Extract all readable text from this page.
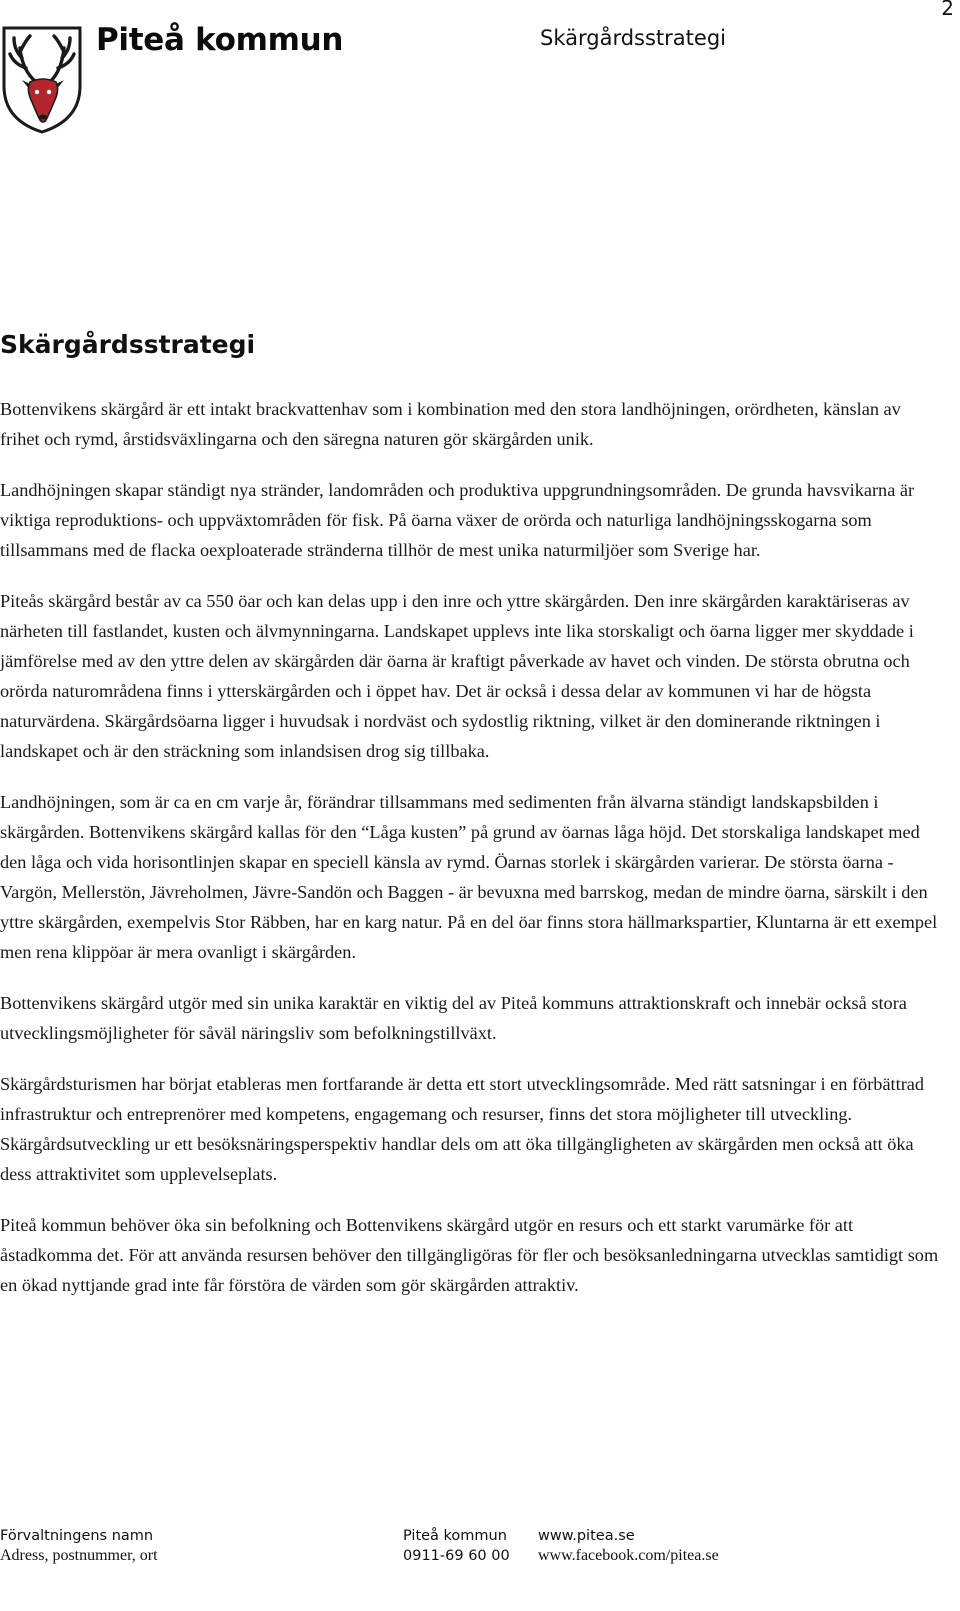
Piteå kommun	Skärgårdsstrategi
2
Skärgårdsstrategi

Bottenvikens skärgård är ett intakt brackvattenhav som i kombination med den stora landhöjningen, orördheten, känslan av frihet och rymd, årstidsväxlingarna och den säregna naturen gör skärgården unik.

Landhöjningen skapar ständigt nya stränder, landområden och produktiva uppgrundningsområden. De grunda havsvikarna är viktiga reproduktions- och uppväxtområden för fisk. På öarna växer de orörda och naturliga landhöjningsskogarna som tillsammans med de flacka oexploaterade stränderna tillhör de mest unika naturmiljöer som Sverige har.

Piteås skärgård består av ca 550 öar och kan delas upp i den inre och yttre skärgården. Den inre skärgården karaktäriseras av närheten till fastlandet, kusten och älvmynningarna. Landskapet upplevs inte lika storskaligt och öarna ligger mer skyddade i jämförelse med av den yttre delen av skärgården där öarna är kraftigt påverkade av havet och vinden. De största obrutna och orörda naturområdena finns i ytterskärgården och i öppet hav. Det är också i dessa delar av kommunen vi har de högsta naturvärdena. Skärgårdsöarna ligger i huvudsak i nordväst och sydostlig riktning, vilket är den dominerande riktningen i landskapet och är den sträckning som inlandsisen drog sig tillbaka.

Landhöjningen, som är ca en cm varje år, förändrar tillsammans med sedimenten från älvarna ständigt landskapsbilden i skärgården. Bottenvikens skärgård kallas för den “Låga kusten” på grund av öarnas låga höjd. Det storskaliga landskapet med den låga och vida horisontlinjen skapar en speciell känsla av rymd. Öarnas storlek i skärgården varierar. De största öarna - Vargön, Mellerstön, Jävreholmen, Jävre-Sandön och Baggen - är bevuxna med barrskog, medan de mindre öarna, särskilt i den yttre skärgården, exempelvis Stor Räbben, har en karg natur. På en del öar finns stora hällmarkspartier, Kluntarna är ett exempel men rena klippöar är mera ovanligt i skärgården.

Bottenvikens skärgård utgör med sin unika karaktär en viktig del av Piteå kommuns attraktionskraft och innebär också stora utvecklingsmöjligheter för såväl näringsliv som befolkningstillväxt.

Skärgårdsturismen har börjat etableras men fortfarande är detta ett stort utvecklingsområde. Med rätt satsningar i en förbättrad infrastruktur och entreprenörer med kompetens, engagemang och resurser, finns det stora möjligheter till utveckling. Skärgårdsutveckling ur ett besöksnäringsperspektiv handlar dels om att öka tillgängligheten av skärgården men också att öka dess attraktivitet som upplevelseplats.

Piteå kommun behöver öka sin befolkning och Bottenvikens skärgård utgör en resurs och ett starkt varumärke för att åstadkomma det. För att använda resursen behöver den tillgängligöras för fler och besöksanledningarna utvecklas samtidigt som en ökad nyttjande grad inte får förstöra de värden som gör skärgården attraktiv.

Förvaltningens namn
Adress, postnummer, ort
Piteå kommun
0911-69 60 00
www.pitea.se
www.facebook.com/pitea.se
